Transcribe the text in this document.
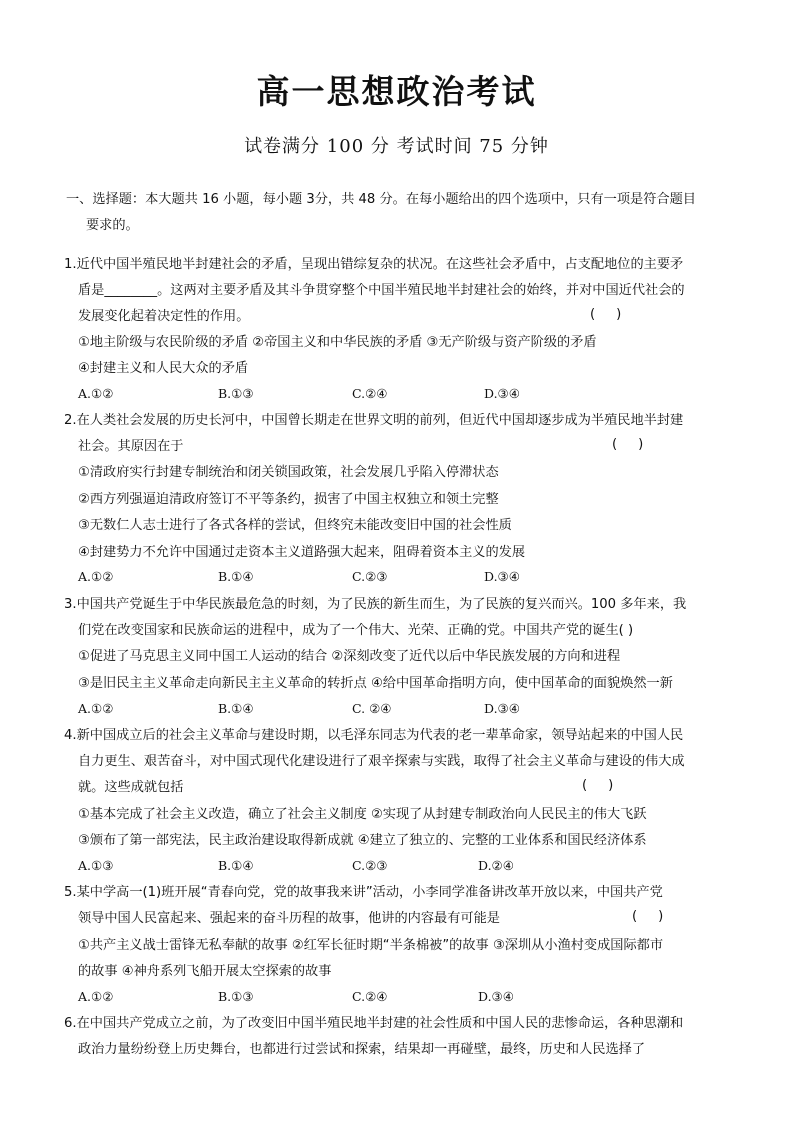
高一思想政治考试
试卷满分 100 分 考试时间 75 分钟
一、选择题：本大题共 16 小题，每小题 3分，共 48 分。在每小题给出的四个选项中，只有一项是符合题目
要求的。
1.近代中国半殖民地半封建社会的矛盾，呈现出错综复杂的状况。在这些社会矛盾中，占支配地位的主要矛
盾是________。这两对主要矛盾及其斗争贯穿整个中国半殖民地半封建社会的始终，并对中国近代社会的
发展变化起着决定性的作用。	(     )
①地主阶级与农民阶级的矛盾 ②帝国主义和中华民族的矛盾 ③无产阶级与资产阶级的矛盾
④封建主义和人民大众的矛盾
A.①②	B.①③	C.②④	D.③④
2.在人类社会发展的历史长河中，中国曾长期走在世界文明的前列，但近代中国却逐步成为半殖民地半封建
社会。其原因在于	(     )
①清政府实行封建专制统治和闭关锁国政策，社会发展几乎陷入停滞状态
②西方列强逼迫清政府签订不平等条约，损害了中国主权独立和领土完整
③无数仁人志士进行了各式各样的尝试，但终究未能改变旧中国的社会性质
④封建势力不允许中国通过走资本主义道路强大起来，阻碍着资本主义的发展
A.①②	B.①④	C.②③	D.③④
3.中国共产党诞生于中华民族最危急的时刻，为了民族的新生而生，为了民族的复兴而兴。100 多年来，我
们党在改变国家和民族命运的进程中，成为了一个伟大、光荣、正确的党。中国共产党的诞生( )
①促进了马克思主义同中国工人运动的结合 ②深刻改变了近代以后中华民族发展的方向和进程
③是旧民主主义革命走向新民主主义革命的转折点 ④给中国革命指明方向，使中国革命的面貌焕然一新
A.①②	B.①④	C. ②④	D.③④
4.新中国成立后的社会主义革命与建设时期，以毛泽东同志为代表的老一辈革命家，领导站起来的中国人民
自力更生、艰苦奋斗，对中国式现代化建设进行了艰辛探索与实践，取得了社会主义革命与建设的伟大成
就。这些成就包括	(     )
①基本完成了社会主义改造，确立了社会主义制度 ②实现了从封建专制政治向人民民主的伟大飞跃
③颁布了第一部宪法，民主政治建设取得新成就 ④建立了独立的、完整的工业体系和国民经济体系
A.①③	B.①④	C.②③	D.②④
5.某中学高一(1)班开展“青春向党，党的故事我来讲”活动，小李同学准备讲改革开放以来，中国共产党
领导中国人民富起来、强起来的奋斗历程的故事，他讲的内容最有可能是	(     )
①共产主义战士雷锋无私奉献的故事 ②红军长征时期“半条棉被”的故事 ③深圳从小渔村变成国际都市
的故事 ④神舟系列飞船开展太空探索的故事
A.①②	B.①③	C.②④	D.③④
6.在中国共产党成立之前，为了改变旧中国半殖民地半封建的社会性质和中国人民的悲惨命运，各种思潮和
政治力量纷纷登上历史舞台，也都进行过尝试和探索，结果却一再碰壁，最终，历史和人民选择了
